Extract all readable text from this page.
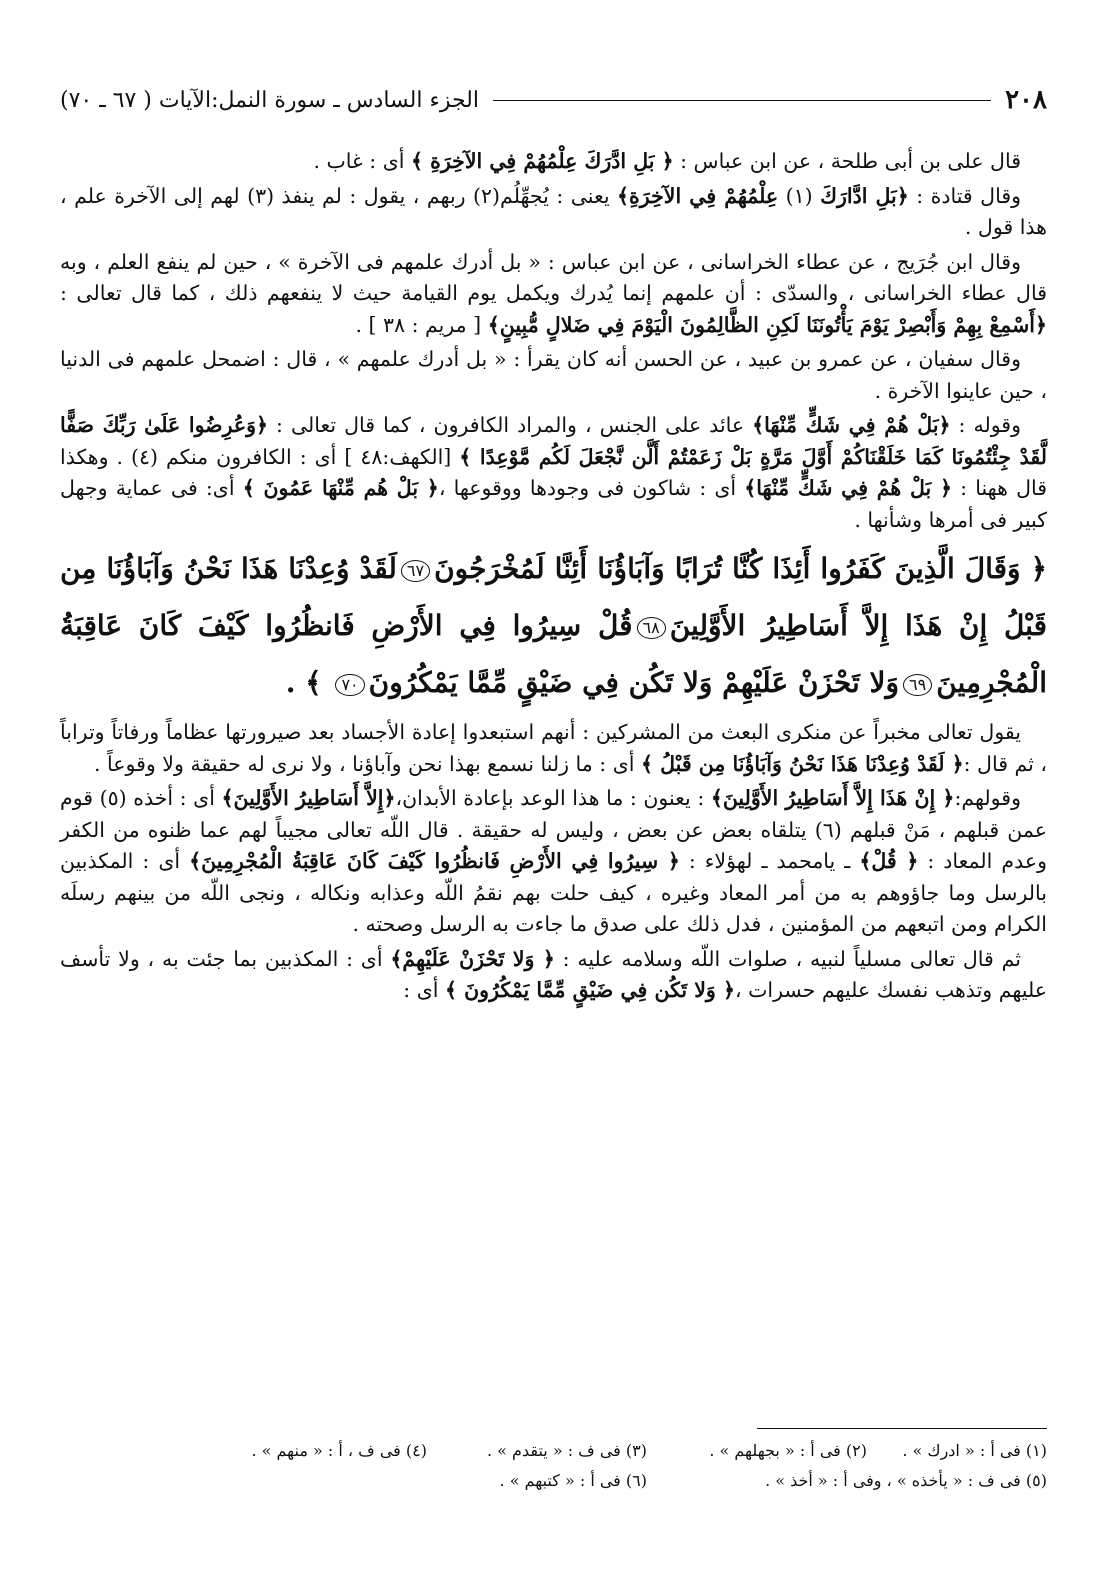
٢٠٨
الجزء السادس ـ سورة النمل:الآيات ( ٦٧ ـ ٧٠)

قال على بن أبى طلحة ، عن ابن عباس : ﴿ بَلِ ادَّرَكَ عِلْمُهُمْ فِي الآخِرَةِ ﴾ أى : غاب .

وقال قتادة : ﴿بَلِ ادَّارَكَ (١) عِلْمُهُمْ فِي الآخِرَةِ﴾ يعنى : يُجهِّلُم(٢) ربهم ، يقول : لم ينفذ (٣) لهم إلى الآخرة علم ، هذا قول .

وقال ابن جُرَيج ، عن عطاء الخراسانى ، عن ابن عباس : « بل أدرك علمهم فى الآخرة » ، حين لم ينفع العلم ، وبه قال عطاء الخراسانى ، والسدّى : أن علمهم إنما يُدرك ويكمل يوم القيامة حيث لا ينفعهم ذلك ، كما قال تعالى : ﴿أَسْمِعْ بِهِمْ وَأَبْصِرْ يَوْمَ يَأْتُونَنَا لَكِنِ الظَّالِمُونَ الْيَوْمَ فِي ضَلالٍ مُّبِينٍ﴾ [ مريم : ٣٨ ] .

وقال سفيان ، عن عمرو بن عبيد ، عن الحسن أنه كان يقرأ : « بل أدرك علمهم » ، قال : اضمحل علمهم فى الدنيا ، حين عاينوا الآخرة .

وقوله : ﴿بَلْ هُمْ فِي شَكٍّ مِّنْهَا﴾ عائد على الجنس ، والمراد الكافرون ، كما قال تعالى : ﴿وَعُرِضُوا عَلَىٰ رَبِّكَ صَفًّا لَّقَدْ جِئْتُمُونَا كَمَا خَلَقْنَاكُمْ أَوَّلَ مَرَّةٍ بَلْ زَعَمْتُمْ أَلَّن نَّجْعَلَ لَكُم مَّوْعِدًا ﴾ [الكهف:٤٨ ] أى : الكافرون منكم (٤) . وهكذا قال ههنا : ﴿ بَلْ هُمْ فِي شَكٍّ مِّنْهَا﴾ أى : شاكون فى وجودها ووقوعها ،﴿ بَلْ هُم مِّنْهَا عَمُونَ ﴾ أى: فى عماية وجهل كبير فى أمرها وشأنها .

﴿ وَقَالَ الَّذِينَ كَفَرُوا أَئِذَا كُنَّا تُرَابًا وَآبَاؤُنَا أَئِنَّا لَمُخْرَجُونَ٦٧لَقَدْ وُعِدْنَا هَذَا نَحْنُ وَآبَاؤُنَا مِن قَبْلُ إِنْ هَذَا إِلاَّ أَسَاطِيرُ الأَوَّلِينَ٦٨قُلْ سِيرُوا فِي الأَرْضِ فَانظُرُوا كَيْفَ كَانَ عَاقِبَةُ الْمُجْرِمِينَ٦٩وَلا تَحْزَنْ عَلَيْهِمْ وَلا تَكُن فِي ضَيْقٍ مِّمَّا يَمْكُرُونَ٧٠ ﴾ .

يقول تعالى مخبراً عن منكرى البعث من المشركين : أنهم استبعدوا إعادة الأجساد بعد صيرورتها عظاماً ورفاتاً وتراباً ، ثم قال :﴿ لَقَدْ وُعِدْنَا هَذَا نَحْنُ وَآبَاؤُنَا مِن قَبْلُ ﴾ أى : ما زلنا نسمع بهذا نحن وآباؤنا ، ولا نرى له حقيقة ولا وقوعاً .

وقولهم:﴿ إِنْ هَذَا إِلاَّ أَسَاطِيرُ الأَوَّلِينَ﴾ : يعنون : ما هذا الوعد بإعادة الأبدان،﴿إِلاَّ أَسَاطِيرُ الأَوَّلِينَ﴾ أى : أخذه (٥) قوم عمن قبلهم ، مَنْ قبلهم (٦) يتلقاه بعض عن بعض ، وليس له حقيقة . قال اللّه تعالى مجيباً لهم عما ظنوه من الكفر وعدم المعاد : ﴿ قُلْ﴾ ـ يامحمد ـ لهؤلاء : ﴿ سِيرُوا فِي الأَرْضِ فَانظُرُوا كَيْفَ كَانَ عَاقِبَةُ الْمُجْرِمِينَ﴾ أى : المكذبين بالرسل وما جاؤوهم به من أمر المعاد وغيره ، كيف حلت بهم نقمُ اللّه وعذابه ونكاله ، ونجى اللّه من بينهم رسلَه الكرام ومن اتبعهم من المؤمنين ، فدل ذلك على صدق ما جاءت به الرسل وصحته .

ثم قال تعالى مسلياً لنبيه ، صلوات اللّه وسلامه عليه : ﴿ وَلا تَحْزَنْ عَلَيْهِمْ﴾ أى : المكذبين بما جئت به ، ولا تأسف عليهم وتذهب نفسك عليهم حسرات ،﴿ وَلا تَكُن فِي ضَيْقٍ مِّمَّا يَمْكُرُونَ ﴾ أى :

(١) فى أ : « ادرك » .
(٢) فى أ : « بجهلهم » .
(٣) فى ف : « يتقدم » .
(٤) فى ف ، أ : « منهم » .
(٥) فى ف : « يأخذه » ، وفى أ : « أخذ » .
(٦) فى أ : « كتبهم » .
